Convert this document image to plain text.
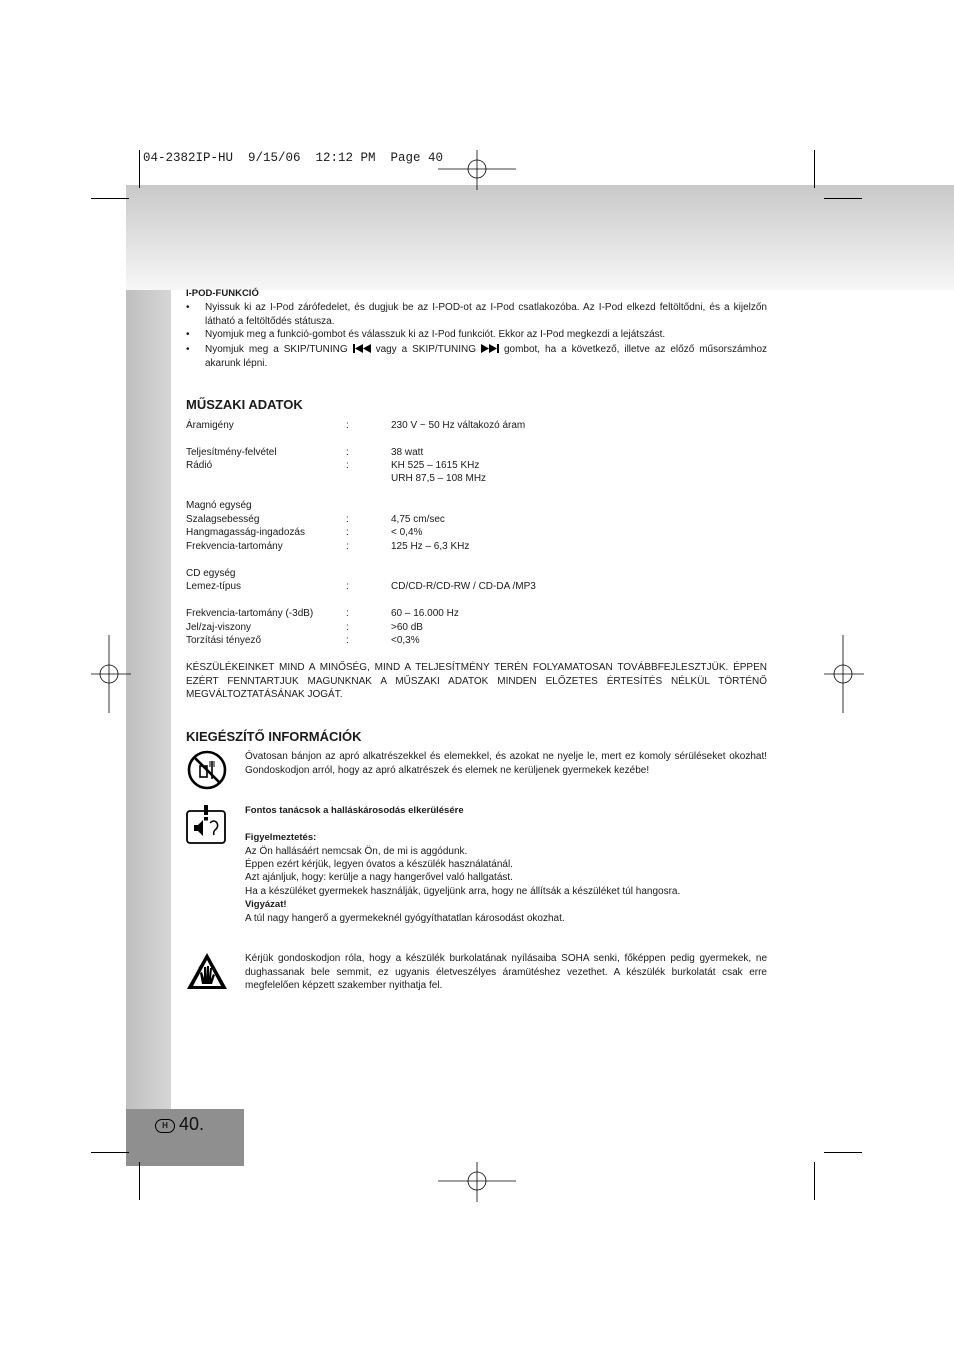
04-2382IP-HU  9/15/06  12:12 PM  Page 40
I-POD-FUNKCIÓ
• Nyissuk ki az I-Pod zárófedelet, és dugjuk be az I-POD-ot az I-Pod csatlakozóba. Az I-Pod elkezd feltöltődni, és a kijelzőn látható a feltöltődés státusza.
• Nyomjuk meg a funkció-gombot és válasszuk ki az I-Pod funkciót. Ekkor az I-Pod megkezdi a lejátszást.
• Nyomjuk meg a SKIP/TUNING	vagy a SKIP/TUNING	gombot, ha a következő, illetve az előző műsorszámhoz akarunk lépni.
MŰSZAKI ADATOK
Áramigény	:	230 V ~ 50 Hz váltakozó áram
Teljesítmény-felvétel	:	38 watt
Rádió	:	KH 525 – 1615 KHz
URH 87,5 – 108 MHz
Magnó egység
Szalagsebesség	:	4,75 cm/sec
Hangmagasság-ingadozás	:	< 0,4%
Frekvencia-tartomány	:	125 Hz – 6,3 KHz
CD egység
Lemez-típus	:	CD/CD-R/CD-RW / CD-DA /MP3
Frekvencia-tartomány (-3dB)	:	60 – 16.000 Hz
Jel/zaj-viszony	:	>60 dB
Torzítási tényező	:	<0,3%
KÉSZÜLÉKEINKET MIND A MINŐSÉG, MIND A TELJESÍTMÉNY TERÉN FOLYAMATOSAN TOVÁBBFEJLESZTJÜK. ÉPPEN EZÉRT FENNTARTJUK MAGUNKNAK A MŰSZAKI ADATOK MINDEN ELŐZETES ÉRTESÍTÉS NÉLKÜL TÖRTÉNŐ MEGVÁLTOZTATÁSÁNAK JOGÁT.
KIEGÉSZÍTŐ INFORMÁCIÓK
Óvatosan bánjon az apró alkatrészekkel és elemekkel, és azokat ne nyelje le, mert ez komoly sérüléseket okozhat! Gondoskodjon arról, hogy az apró alkatrészek és elemek ne kerüljenek gyermekek kezébe!
Fontos tanácsok a halláskárosodás elkerülésére
Figyelmeztetés:
Az Ön hallásáért nemcsak Ön, de mi is aggódunk.
Éppen ezért kérjük, legyen óvatos a készülék használatánál.
Azt ajánljuk, hogy: kerülje a nagy hangerővel való hallgatást.
Ha a készüléket gyermekek használják, ügyeljünk arra, hogy ne állítsák a készüléket túl hangosra.
Vigyázat!
A túl nagy hangerő a gyermekeknél gyógyíthatatlan károsodást okozhat.
Kérjük gondoskodjon róla, hogy a készülék burkolatának nyílásaiba SOHA senki, főképpen pedig gyermekek, ne dughassanak bele semmit, ez ugyanis életveszélyes áramütéshez vezethet. A készülék burkolatát csak erre megfelelően képzett szakember nyithatja fel.
H 40.
